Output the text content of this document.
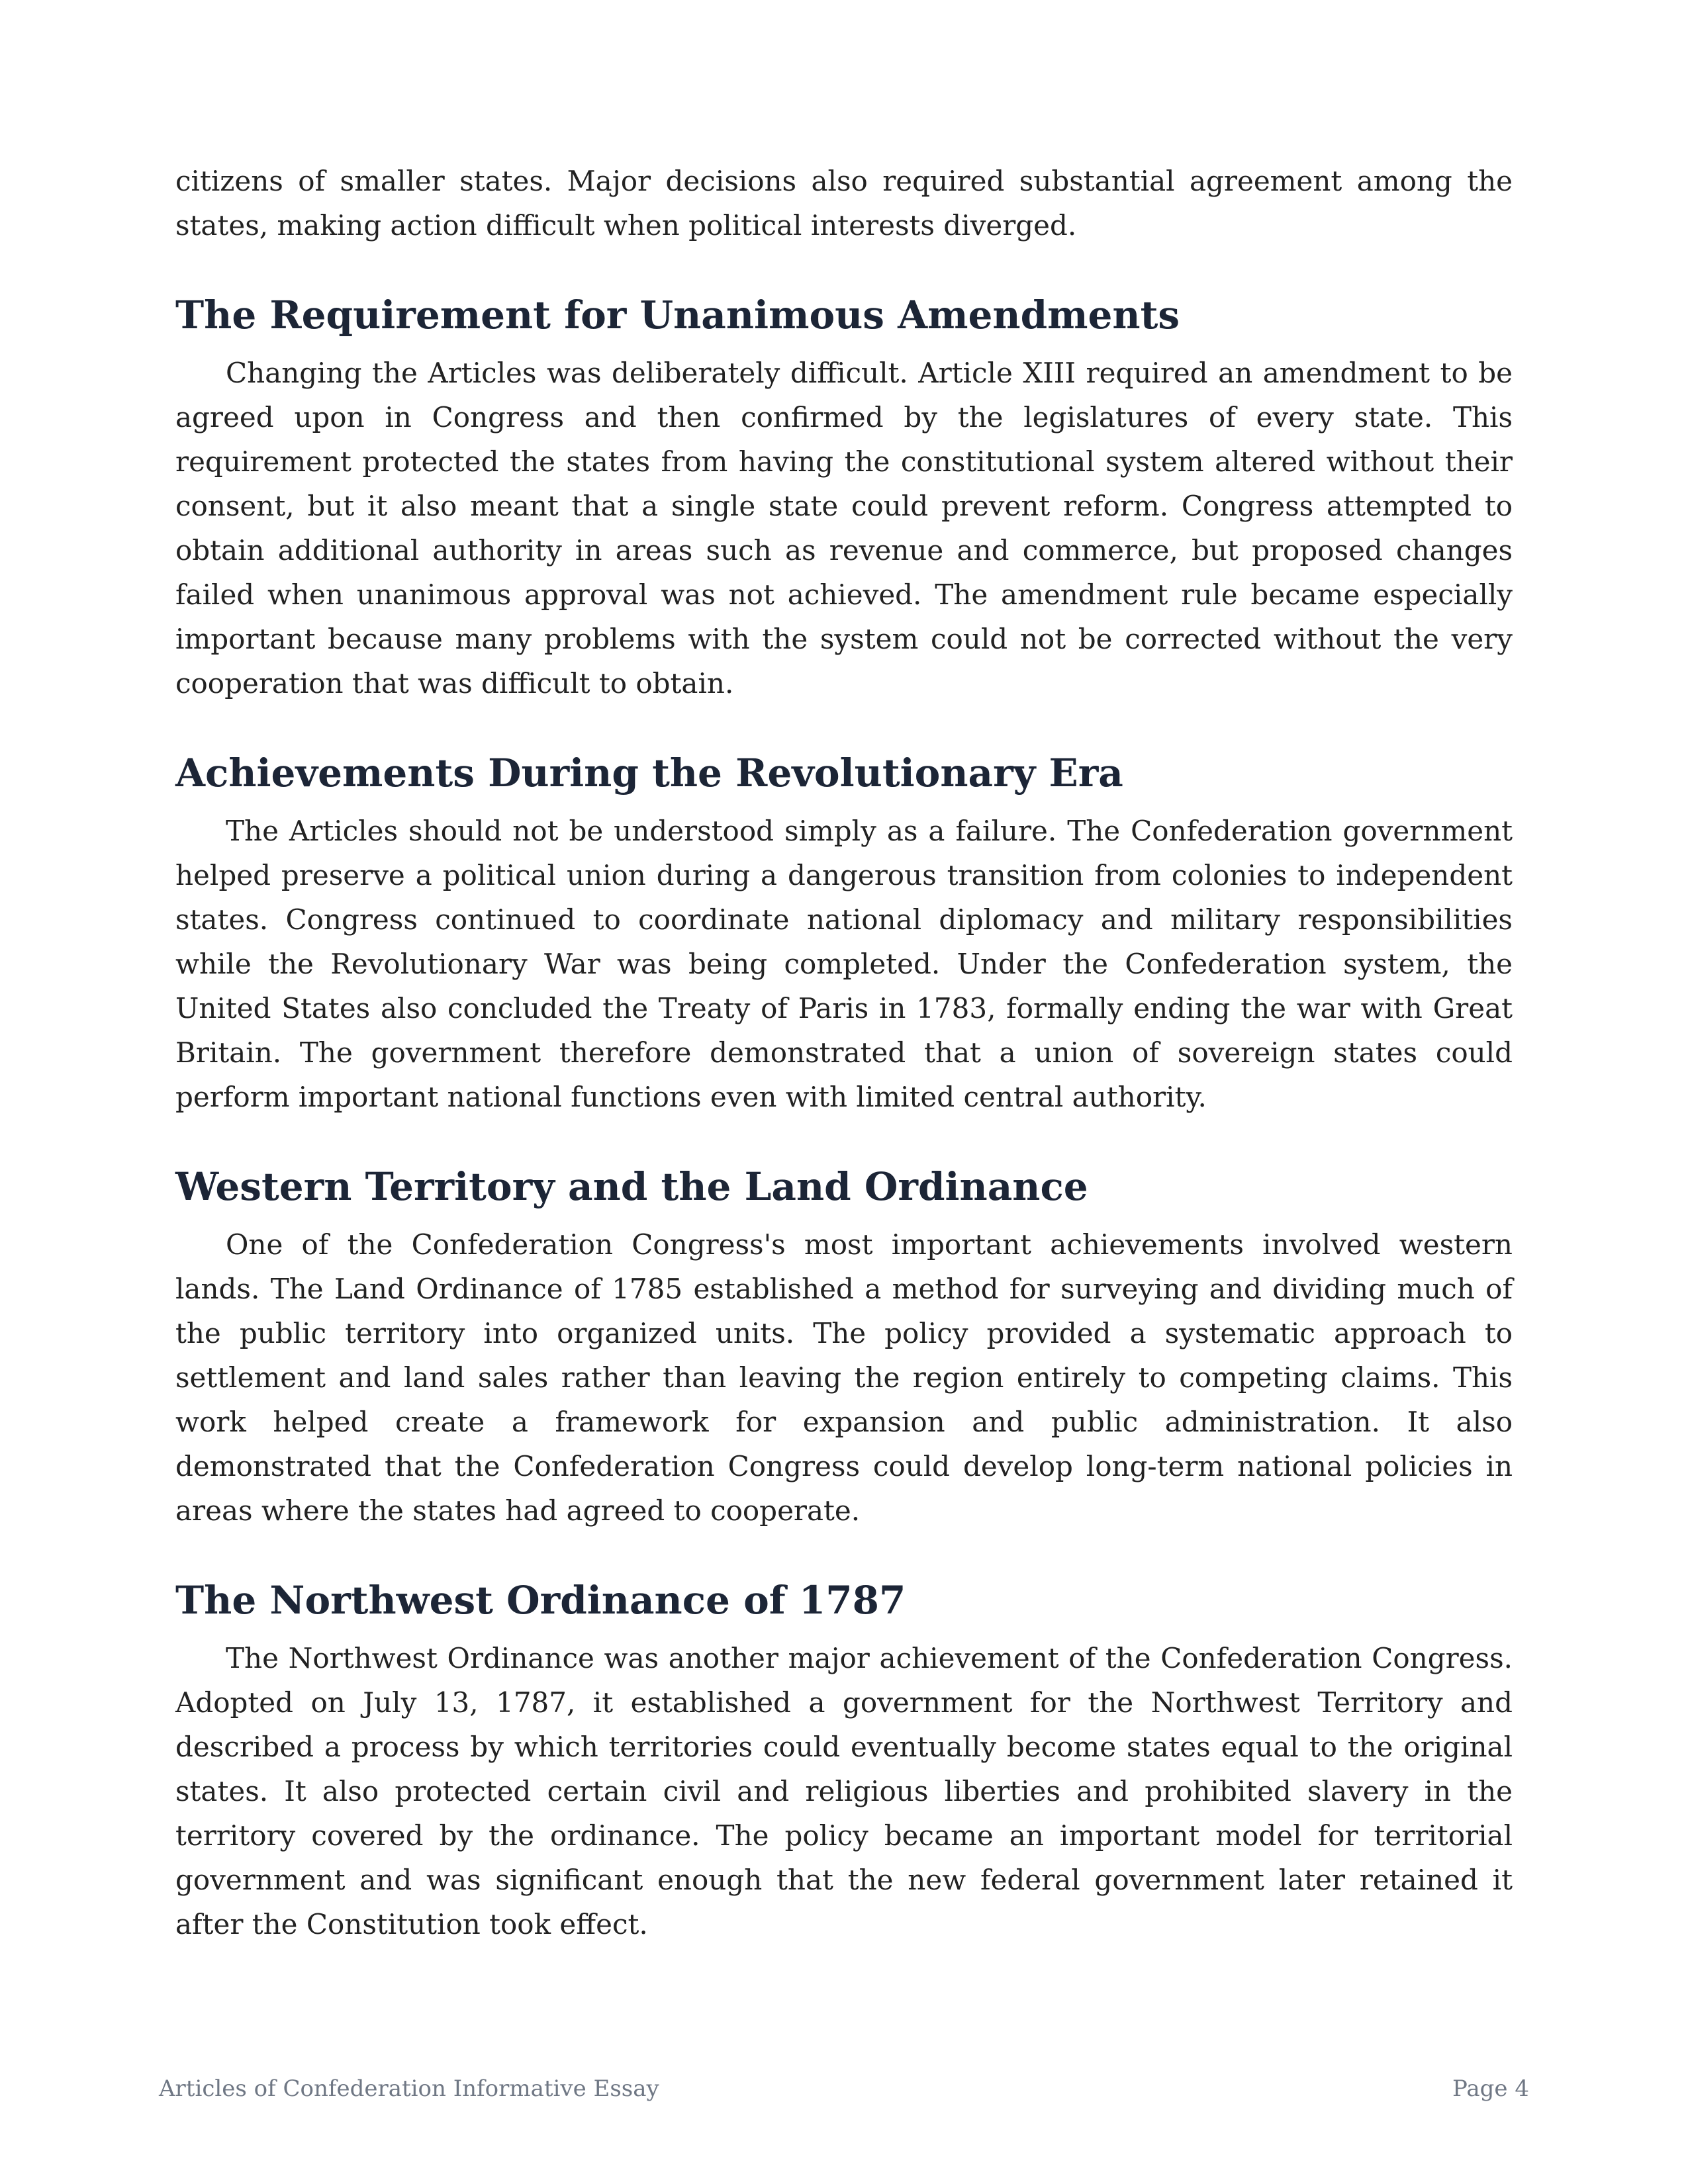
citizens of smaller states. Major decisions also required substantial agreement among the states, making action difficult when political interests diverged.

The Requirement for Unanimous Amendments

Changing the Articles was deliberately difficult. Article XIII required an amendment to be agreed upon in Congress and then confirmed by the legislatures of every state. This requirement protected the states from having the constitutional system altered without their consent, but it also meant that a single state could prevent reform. Congress attempted to obtain additional authority in areas such as revenue and commerce, but proposed changes failed when unanimous approval was not achieved. The amendment rule became especially important because many problems with the system could not be corrected without the very cooperation that was difficult to obtain.

Achievements During the Revolutionary Era

The Articles should not be understood simply as a failure. The Confederation government helped preserve a political union during a dangerous transition from colonies to independent states. Congress continued to coordinate national diplomacy and military responsibilities while the Revolutionary War was being completed. Under the Confederation system, the United States also concluded the Treaty of Paris in 1783, formally ending the war with Great Britain. The government therefore demonstrated that a union of sovereign states could perform important national functions even with limited central authority.

Western Territory and the Land Ordinance

One of the Confederation Congress's most important achievements involved western lands. The Land Ordinance of 1785 established a method for surveying and dividing much of the public territory into organized units. The policy provided a systematic approach to settlement and land sales rather than leaving the region entirely to competing claims. This work helped create a framework for expansion and public administration. It also demonstrated that the Confederation Congress could develop long-term national policies in areas where the states had agreed to cooperate.

The Northwest Ordinance of 1787

The Northwest Ordinance was another major achievement of the Confederation Congress. Adopted on July 13, 1787, it established a government for the Northwest Territory and described a process by which territories could eventually become states equal to the original states. It also protected certain civil and religious liberties and prohibited slavery in the territory covered by the ordinance. The policy became an important model for territorial government and was significant enough that the new federal government later retained it after the Constitution took effect.

Articles of Confederation Informative Essay	Page 4
